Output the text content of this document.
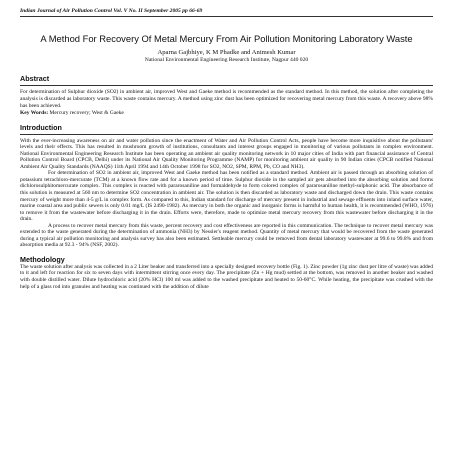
Indian Journal of Air Pollution Control Vol. V No. II September 2005 pp 66-69
A Method For Recovery Of Metal Mercury From Air Pollution Monitoring Laboratory Waste
Aparna Gajbhiye, K M Phadke and Animesh Kumar
National Environmental Engineering Research Institute, Nagpur 440 020
Abstract

For determination of Sulphur dioxide (SO2) in ambient air, improved West and Gaeke method is recommended as the standard method. In this method, the solution after completing the analysis is discarded as laboratory waste. This waste contains mercury. A method using zinc dust has been optimized for recovering metal mercury from this waste. A recovery above 98% has been achieved.

Key Words: Mercury recovery; West & Gaeke
Introduction

With the ever-increasing awareness on air and water pollution since the enactment of Water and Air Pollution Control Acts, people have become more inquisitive about the pollutants' levels and their effects. This has resulted in mushroom growth of institutions, consultants and interest groups engaged in monitoring of various pollutants in complex environment. National Environmental Engineering Research Institute has been operating an ambient air quality monitoring network in 10 major cities of India with part financial assistance of Central Pollution Control Board (CPCB, Delhi) under its National Air Quality Monitoring Programme (NAMP) for monitoring ambient air quality in 90 Indian cities (CPCB notified National Ambient Air Quality Standards (NAAQS) 11th April 1994 and 14th October 1998 for SO2, NO2, SPM, RPM, Pb, CO and NH3).

For determination of SO2 in ambient air, improved West and Gaeke method has been notified as a standard method. Ambient air is passed through an absorbing solution of potassium tetrachloro-mercurate (TCM) at a known flow rate and for a known period of time. Sulphur dioxide in the sampled air gets absorbed into the absorbing solution and forms dichlorosulphitomercurate complex. This complex is reacted with pararosaniline and formaldehyde to form colored complex of pararosaniline methyl-sulphonic acid. The absorbance of this solution is measured at 560 nm to determine SO2 concentration in ambient air. The solution is then discarded as laboratory waste and discharged down the drain. This waste contains mercury of weight more than 4-5 g/L in complex form. As compared to this, Indian standard for discharge of mercury present in industrial and sewage effluents into inland surface water, marine coastal area and public sewers is only 0.01 mg/L (IS 2490-1982). As mercury in both the organic and inorganic forms is harmful to human health, it is recommended (WHO, 1976) to remove it from the wastewater before discharging it in the drain. Efforts were, therefore, made to optimize metal mercury recovery from this wastewater before discharging it in the drain.

A process to recover metal mercury from this waste, percent recovery and cost effectiveness are reported in this communication. The technique to recover metal mercury was extended to the waste generated during the determination of ammonia (NH3) by Nessler's reagent method. Quantity of metal mercury that would be recovered from the waste generated during a typical air pollution monitoring and analysis survey has also been estimated. Settleable mercury could be removed from dental laboratory wastewater at 99.6 to 99.8% and from absorption media at 92.3 - 94% (NSF, 2002).

Methodology

The waste solution after analysis was collected in a 2 Liter beaker and transferred into a specially designed recovery bottle (Fig. 1). Zinc powder (1g zinc dust per litre of waste) was added to it and left for reaction for six to seven days with intermittent stirring once every day. The precipitate (Zn + Hg mud) settled at the bottom, was removed in another beaker and washed with double distilled water. Dilute hydrochloric acid (20% HCl) 100 ml was added to the washed precipitate and heated to 50-60°C. While heating, the precipitate was crushed with the help of a glass rod into granules and heating was continued with the addition of dilute
